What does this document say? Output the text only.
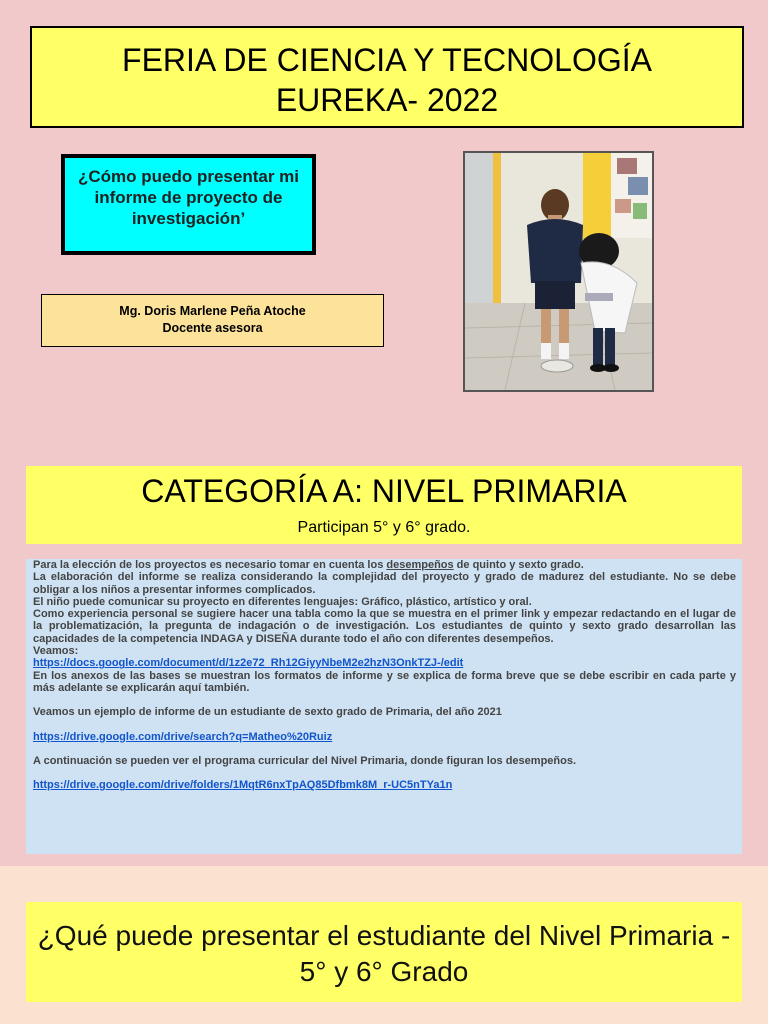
FERIA DE CIENCIA Y TECNOLOGÍA
EUREKA- 2022
¿Cómo puedo presentar mi informe de proyecto de investigación’
Mg. Doris Marlene Peña Atoche
Docente asesora
CATEGORÍA A: NIVEL PRIMARIA
Participan 5° y 6° grado.

Para la elección de los proyectos es necesario tomar en cuenta los desempeños de quinto y sexto grado.

La elaboración del informe se realiza considerando la complejidad del proyecto y grado de madurez del estudiante. No se debe obligar a los niños a presentar informes complicados.

El niño puede comunicar su proyecto en diferentes lenguajes: Gráfico, plástico, artístico y oral.

Como experiencia personal se sugiere hacer una tabla como la que se muestra en el primer link y empezar redactando en el lugar de la problematización, la pregunta de indagación o de investigación. Los estudiantes de quinto y sexto grado desarrollan las capacidades de la competencia INDAGA y DISEÑA durante todo el año con diferentes desempeños.

Veamos:

https://docs.google.com/document/d/1z2e72_Rh12GiyyNbeM2e2hzN3OnkTZJ-/edit

En los anexos de las bases se muestran los formatos de informe y se explica de forma breve que se debe escribir en cada parte y más adelante se explicarán aquí también.

Veamos un ejemplo de informe de un estudiante de sexto grado de Primaria, del año 2021

https://drive.google.com/drive/search?q=Matheo%20Ruiz

A continuación se pueden ver el programa curricular del Nivel Primaria, donde figuran los desempeños.

https://drive.google.com/drive/folders/1MqtR6nxTpAQ85Dfbmk8M_r-UC5nTYa1n

¿Qué puede presentar el estudiante del Nivel Primaria - 5° y 6° Grado
